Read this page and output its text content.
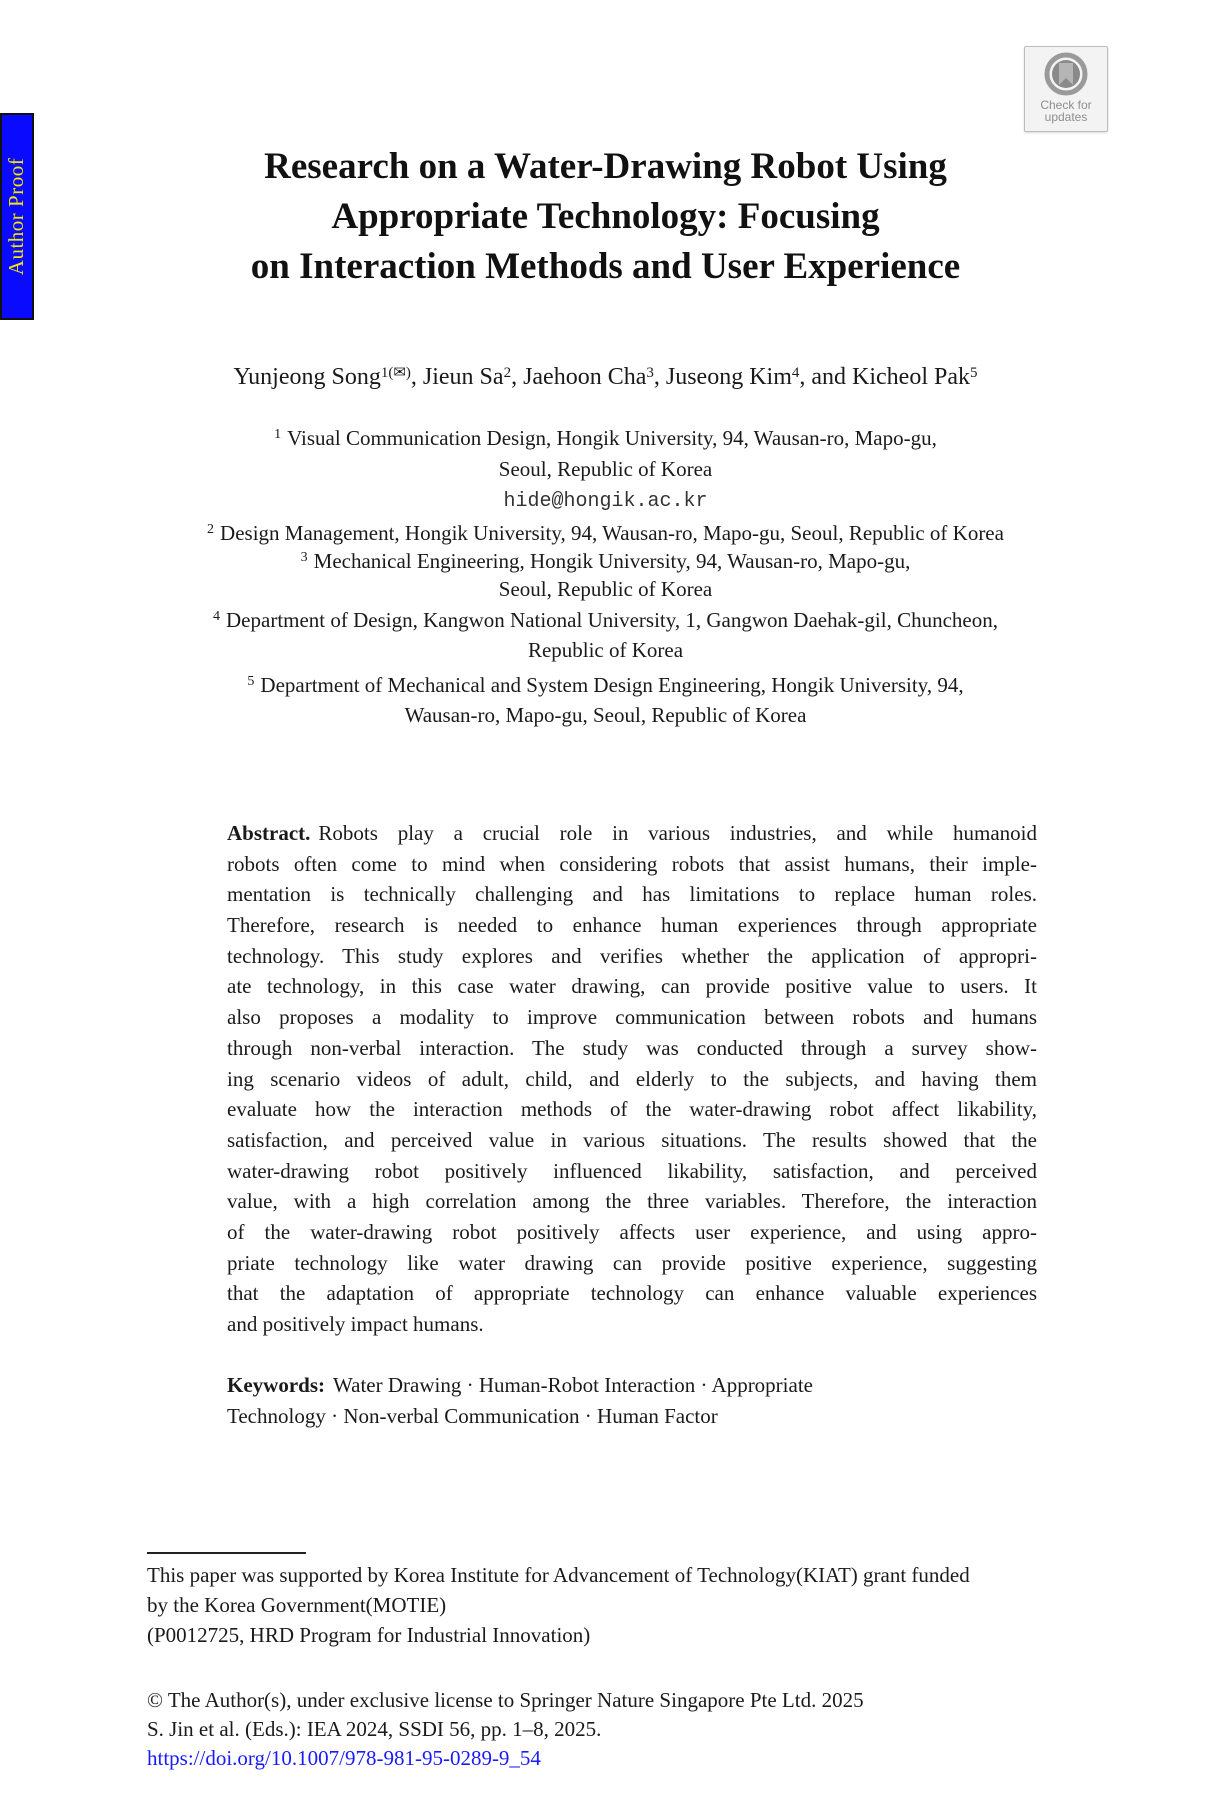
Author Proof
Check for
updates
Research on a Water-Drawing Robot Using
Appropriate Technology: Focusing
on Interaction Methods and User Experience
Yunjeong Song$^{1(✉)}$, Jieun Sa$^2$, Jaehoon Cha$^3$, Juseong Kim$^4$, and Kicheol Pak$^5$
$^1$ Visual Communication Design, Hongik University, 94, Wausan-ro, Mapo-gu,
Seoul, Republic of Korea
hide@hongik.ac.kr
$^2$ Design Management, Hongik University, 94, Wausan-ro, Mapo-gu, Seoul, Republic of Korea
$^3$ Mechanical Engineering, Hongik University, 94, Wausan-ro, Mapo-gu,
Seoul, Republic of Korea
$^4$ Department of Design, Kangwon National University, 1, Gangwon Daehak-gil, Chuncheon,
Republic of Korea
$^5$ Department of Mechanical and System Design Engineering, Hongik University, 94,
Wausan-ro, Mapo-gu, Seoul, Republic of Korea
Abstract. Robots play a crucial role in various industries, and while humanoid
robots often come to mind when considering robots that assist humans, their imple-
mentation is technically challenging and has limitations to replace human roles.
Therefore, research is needed to enhance human experiences through appropriate
technology. This study explores and verifies whether the application of appropri-
ate technology, in this case water drawing, can provide positive value to users. It
also proposes a modality to improve communication between robots and humans
through non-verbal interaction. The study was conducted through a survey show-
ing scenario videos of adult, child, and elderly to the subjects, and having them
evaluate how the interaction methods of the water-drawing robot affect likability,
satisfaction, and perceived value in various situations. The results showed that the
water-drawing robot positively influenced likability, satisfaction, and perceived
value, with a high correlation among the three variables. Therefore, the interaction
of the water-drawing robot positively affects user experience, and using appro-
priate technology like water drawing can provide positive experience, suggesting
that the adaptation of appropriate technology can enhance valuable experiences
and positively impact humans.
Keywords: Water Drawing · Human-Robot Interaction · Appropriate
Technology · Non-verbal Communication · Human Factor
This paper was supported by Korea Institute for Advancement of Technology(KIAT) grant funded
by the Korea Government(MOTIE)
(P0012725, HRD Program for Industrial Innovation)
© The Author(s), under exclusive license to Springer Nature Singapore Pte Ltd. 2025
S. Jin et al. (Eds.): IEA 2024, SSDI 56, pp. 1–8, 2025.
https://doi.org/10.1007/978-981-95-0289-9_54
